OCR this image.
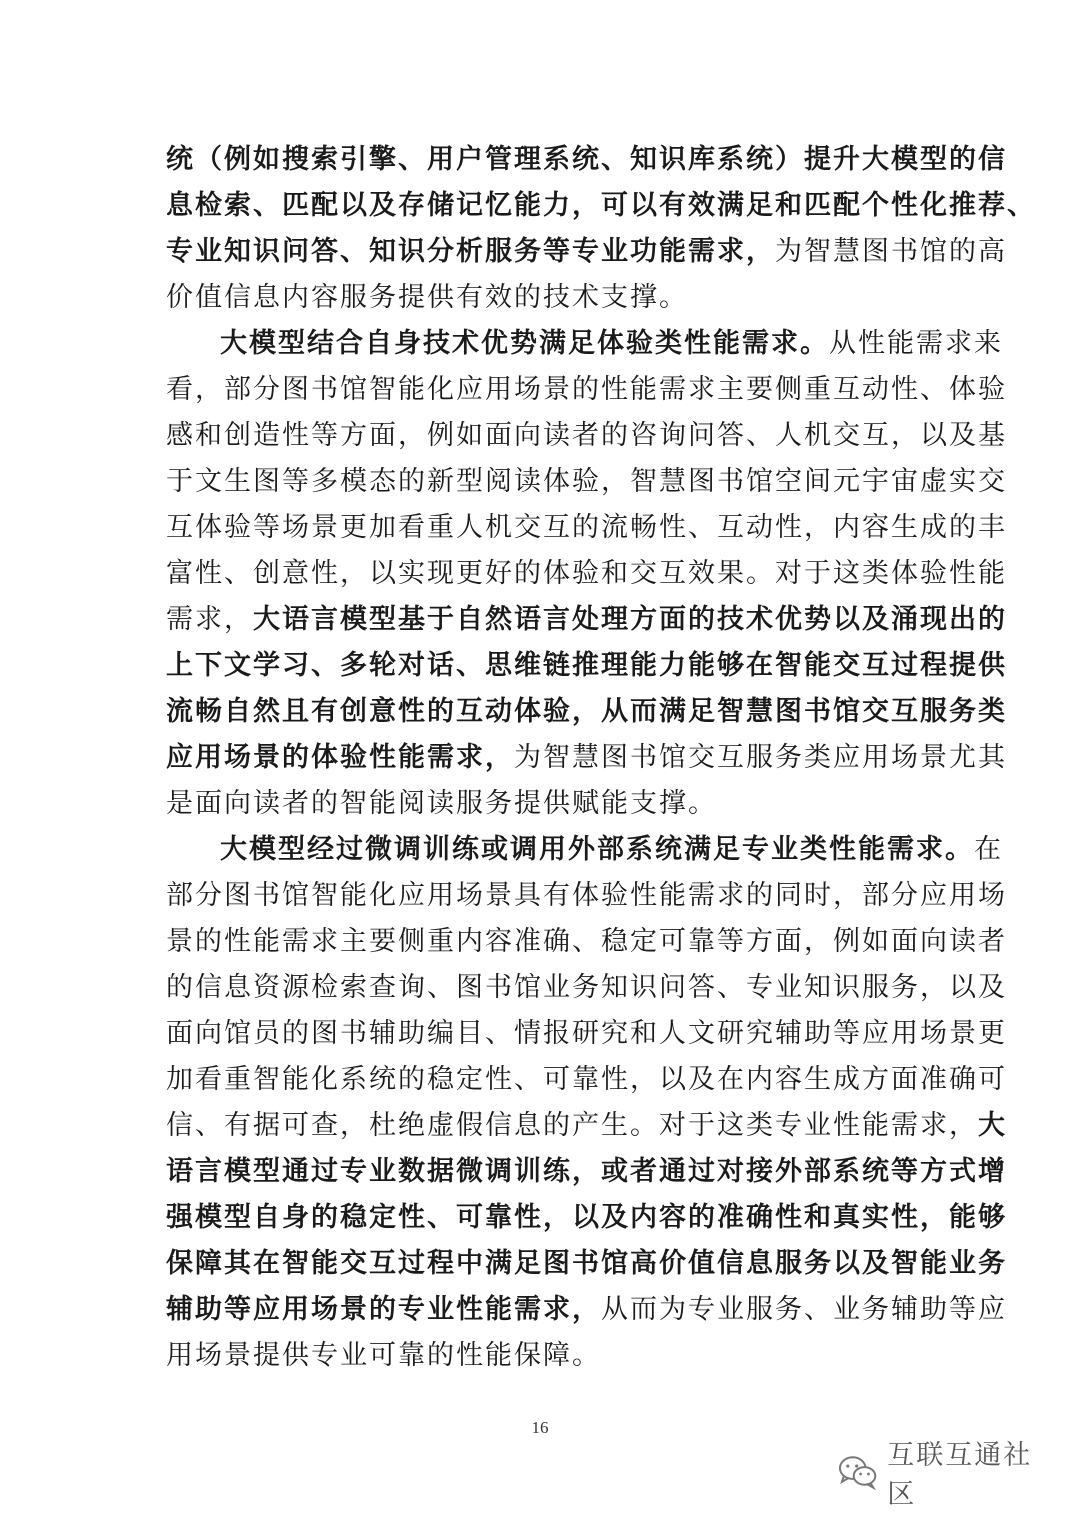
统（例如搜索引擎、用户管理系统、知识库系统）提升大模型的信
息检索、匹配以及存储记忆能力，可以有效满足和匹配个性化推荐、
专业知识问答、知识分析服务等专业功能需求，为智慧图书馆的高
价值信息内容服务提供有效的技术支撑。
大模型结合自身技术优势满足体验类性能需求。从性能需求来
看，部分图书馆智能化应用场景的性能需求主要侧重互动性、体验
感和创造性等方面，例如面向读者的咨询问答、人机交互，以及基
于文生图等多模态的新型阅读体验，智慧图书馆空间元宇宙虚实交
互体验等场景更加看重人机交互的流畅性、互动性，内容生成的丰
富性、创意性，以实现更好的体验和交互效果。对于这类体验性能
需求，大语言模型基于自然语言处理方面的技术优势以及涌现出的
上下文学习、多轮对话、思维链推理能力能够在智能交互过程提供
流畅自然且有创意性的互动体验，从而满足智慧图书馆交互服务类
应用场景的体验性能需求，为智慧图书馆交互服务类应用场景尤其
是面向读者的智能阅读服务提供赋能支撑。
大模型经过微调训练或调用外部系统满足专业类性能需求。在
部分图书馆智能化应用场景具有体验性能需求的同时，部分应用场
景的性能需求主要侧重内容准确、稳定可靠等方面，例如面向读者
的信息资源检索查询、图书馆业务知识问答、专业知识服务，以及
面向馆员的图书辅助编目、情报研究和人文研究辅助等应用场景更
加看重智能化系统的稳定性、可靠性，以及在内容生成方面准确可
信、有据可查，杜绝虚假信息的产生。对于这类专业性能需求，大
语言模型通过专业数据微调训练，或者通过对接外部系统等方式增
强模型自身的稳定性、可靠性，以及内容的准确性和真实性，能够
保障其在智能交互过程中满足图书馆高价值信息服务以及智能业务
辅助等应用场景的专业性能需求，从而为专业服务、业务辅助等应
用场景提供专业可靠的性能保障。
16
互联互通社区
